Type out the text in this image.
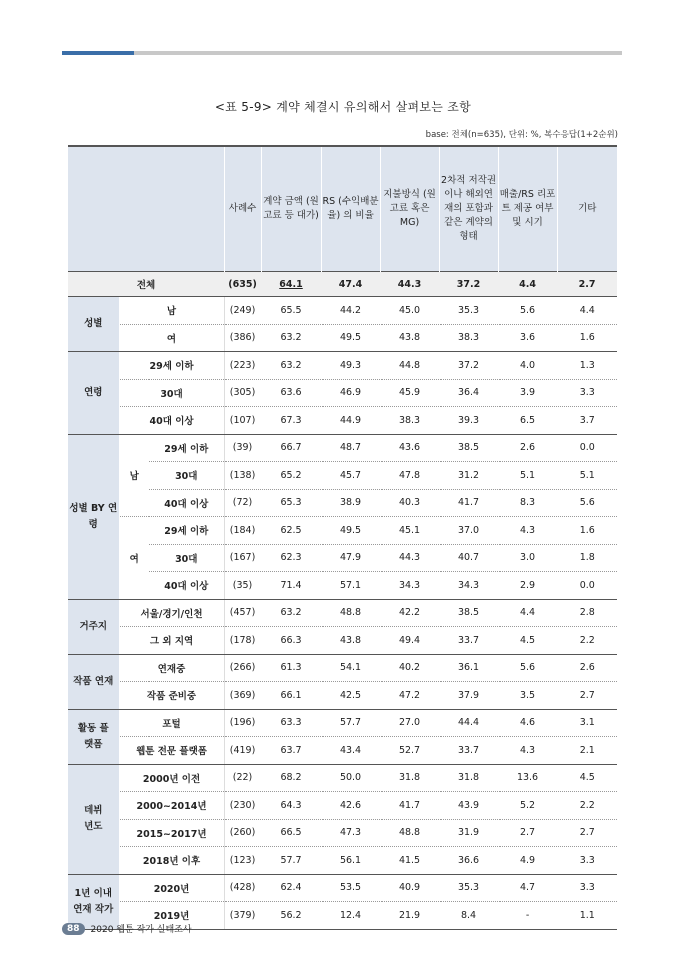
<표 5-9> 계약 체결시 유의해서 살펴보는 조항
base: 전체(n=635), 단위: %, 복수응답(1+2순위)
			사례수	계약 금액 (원고료 등 대가)	RS (수익배분율) 의 비율	지불방식 (원고료 혹은 MG)	2차적 저작권이나 해외연재의 포함과 같은 계약의 형태	매출/RS 리포트 제공 여부 및 시기	기타
전체			(635)	64.1	47.4	44.3	37.2	4.4	2.7
성별	남		(249)	65.5	44.2	45.0	35.3	5.6	4.4
	여		(386)	63.2	49.5	43.8	38.3	3.6	1.6
연령	29세 이하		(223)	63.2	49.3	44.8	37.2	4.0	1.3
	30대		(305)	63.6	46.9	45.9	36.4	3.9	3.3
	40대 이상		(107)	67.3	44.9	38.3	39.3	6.5	3.7
성별 BY 연령	남	29세 이하	(39)	66.7	48.7	43.6	38.5	2.6	0.0
		30대	(138)	65.2	45.7	47.8	31.2	5.1	5.1
		40대 이상	(72)	65.3	38.9	40.3	41.7	8.3	5.6
	여	29세 이하	(184)	62.5	49.5	45.1	37.0	4.3	1.6
		30대	(167)	62.3	47.9	44.3	40.7	3.0	1.8
		40대 이상	(35)	71.4	57.1	34.3	34.3	2.9	0.0
거주지	서울/경기/인천		(457)	63.2	48.8	42.2	38.5	4.4	2.8
	그 외 지역		(178)	66.3	43.8	49.4	33.7	4.5	2.2
작품 연재	연재중		(266)	61.3	54.1	40.2	36.1	5.6	2.6
	작품 준비중		(369)	66.1	42.5	47.2	37.9	3.5	2.7
활동 플랫폼	포털		(196)	63.3	57.7	27.0	44.4	4.6	3.1
	웹툰 전문 플랫폼		(419)	63.7	43.4	52.7	33.7	4.3	2.1
데뷔 년도	2000년 이전		(22)	68.2	50.0	31.8	31.8	13.6	4.5
	2000~2014년		(230)	64.3	42.6	41.7	43.9	5.2	2.2
	2015~2017년		(260)	66.5	47.3	48.8	31.9	2.7	2.7
	2018년 이후		(123)	57.7	56.1	41.5	36.6	4.9	3.3
1년 이내 연재 작가	2020년		(428)	62.4	53.5	40.9	35.3	4.7	3.3
	2019년		(379)	56.2	12.4	21.9	8.4	-	1.1
88	2020 웹툰 작가 실태조사
